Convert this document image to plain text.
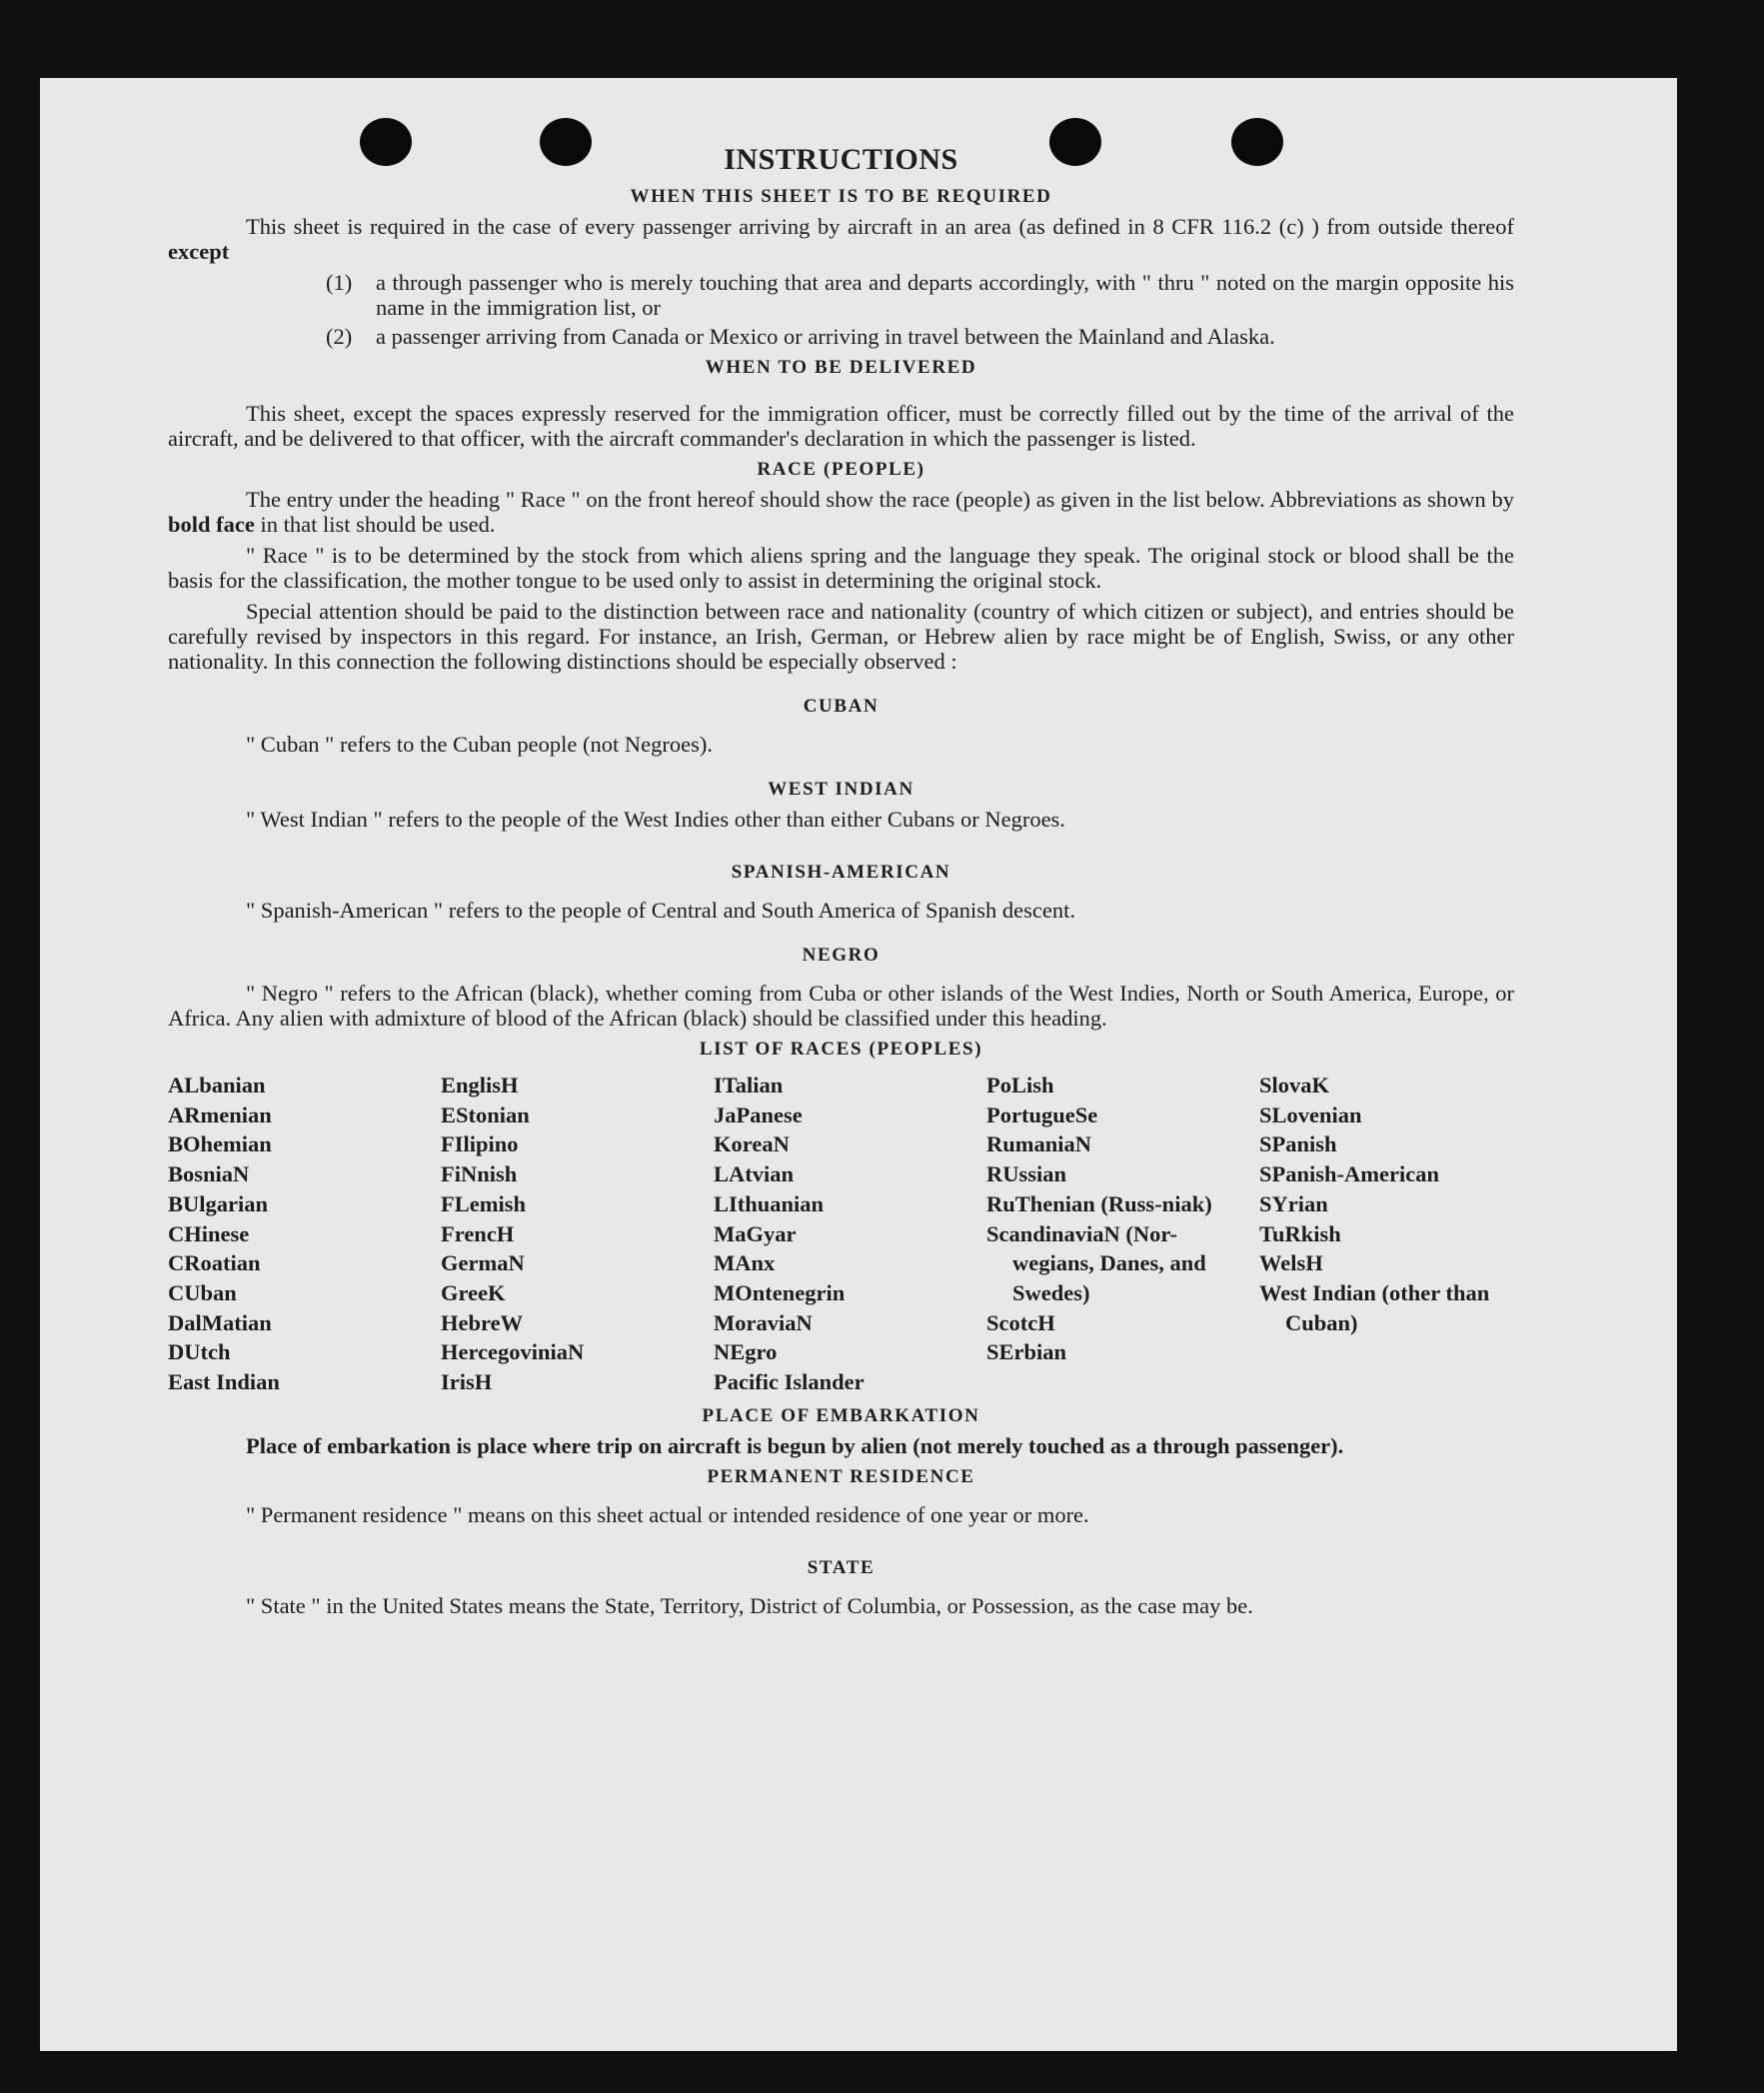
INSTRUCTIONS
WHEN THIS SHEET IS TO BE REQUIRED

This sheet is required in the case of every passenger arriving by aircraft in an area (as defined in 8 CFR 116.2 (c) ) from outside thereof except

(1)	a through passenger who is merely touching that area and departs accordingly, with " thru " noted on the margin opposite his name in the immigration list, or
(2)	a passenger arriving from Canada or Mexico or arriving in travel between the Mainland and Alaska.
WHEN TO BE DELIVERED

This sheet, except the spaces expressly reserved for the immigration officer, must be correctly filled out by the time of the arrival of the aircraft, and be delivered to that officer, with the aircraft commander's declaration in which the passenger is listed.

RACE (PEOPLE)

The entry under the heading " Race " on the front hereof should show the race (people) as given in the list below. Abbreviations as shown by bold face in that list should be used.

" Race " is to be determined by the stock from which aliens spring and the language they speak. The original stock or blood shall be the basis for the classification, the mother tongue to be used only to assist in determining the original stock.

Special attention should be paid to the distinction between race and nationality (country of which citizen or subject), and entries should be carefully revised by inspectors in this regard. For instance, an Irish, German, or Hebrew alien by race might be of English, Swiss, or any other nationality. In this connection the following distinctions should be especially observed :

CUBAN

" Cuban " refers to the Cuban people (not Negroes).

WEST INDIAN

" West Indian " refers to the people of the West Indies other than either Cubans or Negroes.

SPANISH-AMERICAN

" Spanish-American " refers to the people of Central and South America of Spanish descent.

NEGRO

" Negro " refers to the African (black), whether coming from Cuba or other islands of the West Indies, North or South America, Europe, or Africa. Any alien with admixture of blood of the African (black) should be classified under this heading.

LIST OF RACES (PEOPLES)
ALbanian
ARmenian
BOhemian
BosniaN
BUlgarian
CHinese
CRoatian
CUban
DalMatian
DUtch
East Indian
EnglisH
EStonian
FIlipino
FiNnish
FLemish
FrencH
GermaN
GreeK
HebreW
HercegoviniaN
IrisH
ITalian
JaPanese
KoreaN
LAtvian
LIthuanian
MaGyar
MAnx
MOntenegrin
MoraviaN
NEgro
Pacific Islander
PoLish
PortugueSe
RumaniaN
RUssian
RuThenian (Russ-niak)
ScandinaviaN (Nor-wegians, Danes, and Swedes)
ScotcH
SErbian
SlovaK
SLovenian
SPanish
SPanish-American
SYrian
TuRkish
WelsH
West Indian (other than Cuban)
PLACE OF EMBARKATION

Place of embarkation is place where trip on aircraft is begun by alien (not merely touched as a through passenger).

PERMANENT RESIDENCE

" Permanent residence " means on this sheet actual or intended residence of one year or more.

STATE

" State " in the United States means the State, Territory, District of Columbia, or Possession, as the case may be.
